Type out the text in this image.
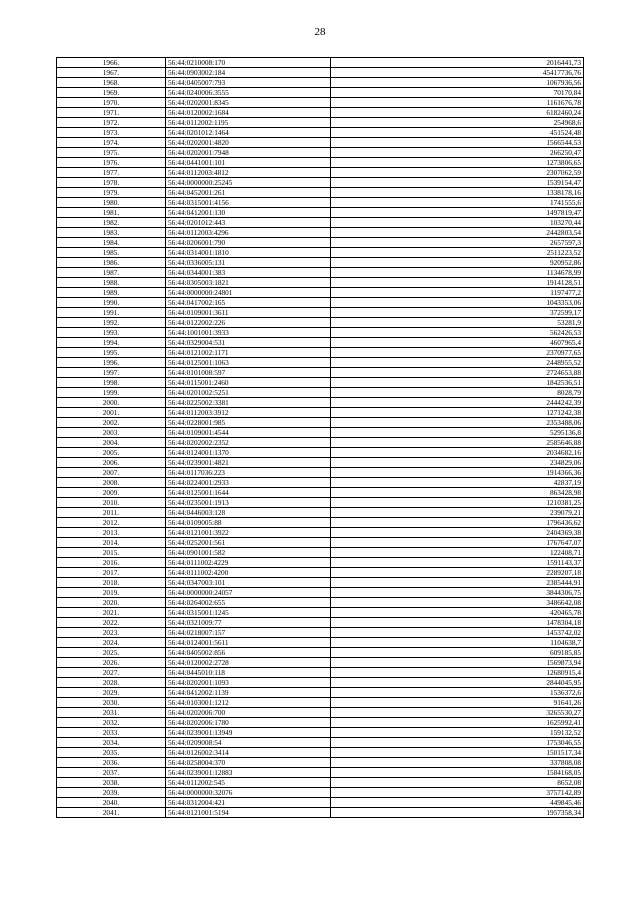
28
1966.	56:44:0210008:170	2016441,73
1967.	56:44:0903002:184	45417736,76
1968.	56:44:0405007:793	1067936,56
1969.	56:44:0240006:3555	70170,84
1970.	56:44:0202001:8345	1161676,78
1971.	56:44:0120002:1684	6182460,24
1972.	56:44:0112002:1195	254968,6
1973.	56:44:0201012:1464	451524,48
1974.	56:44:0202001:4820	1566544,53
1975.	56:44:0202001:7948	266250,47
1976.	56:44:0441001:101	1273806,65
1977.	56:44:0112003:4812	2307062,59
1978.	56:44:0000000:25245	1539154,47
1979.	56:44:0452001:261	1338178,16
1980.	56:44:0315001:4156	1741555,6
1981.	56:44:0412001:130	1497819,47
1982.	56:44:0201012:443	103270,44
1983.	56:44:0112003:4296	2442803,54
1984.	56:44:0206001:790	2657597,3
1985.	56:44:0314001:1810	2511223,52
1986.	56:44:0336005:131	920952,86
1987.	56:44:0344001:383	1134678,99
1988.	56:44:0305003:1821	1914128,51
1989.	56:44:0000000:24801	1197477,2
1990.	56:44:0417002:165	1043353,06
1991.	56:44:0109001:3611	372599,17
1992.	56:44:0122002:226	53281,9
1993.	56:44:1001001:3933	562426,53
1994.	56:44:0329004:531	4607965,4
1995.	56:44:0121002:1171	2370977,65
1996.	56:44:0125001:1063	2448955,52
1997.	56:44:0101008:597	2724653,88
1998.	56:44:0115001:2460	1842536,51
1999.	56:44:0201002:5251	8028,79
2000.	56:44:0225002:3381	2444242,39
2001.	56:44:0112003:3912	1271242,38
2002.	56:44:0228001:985	2353488,06
2003.	56:44:0109001:4544	5295136,8
2004.	56:44:0202002:2352	2585646,88
2005.	56:44:0124001:1370	2034682,16
2006.	56:44:0239001:4821	234829,06
2007.	56:44:0117036:223	1914366,36
2008.	56:44:0224001:2933	42837,19
2009.	56:44:0125001:1644	863428,98
2010.	56:44:0235001:1913	1210381,25
2011.	56:44:0446003:128	239079,21
2012.	56:44:0109005:88	1796436,62
2013.	56:44:0121001:3922	2404369,38
2014.	56:44:0252001:561	1767647,07
2015.	56:44:0901001:582	122408,71
2016.	56:44:0111002:4229	1591143,37
2017.	56:44:0111002:4200	2289207,18
2018.	56:44:0347003:101	2385444,91
2019.	56:44:0000000:24057	3844306,75
2020.	56:44:0264002:655	3486642,08
2021.	56:44:0315001:1245	420465,78
2022.	56:44:0321009:77	1478304,18
2023.	56:44:0218007:157	1453742,02
2024.	56:44:0124001:5611	1104638,7
2025.	56:44:0405002:856	609185,85
2026.	56:44:0120002:2728	1569873,94
2027.	56:44:0445010:118	12680915,4
2028.	56:44:0202001:1093	2844045,95
2029.	56:44:0412002:1139	1536372,6
2030.	56:44:0103001:1212	91641,26
2031.	56:44:0202006:700	3265530,27
2032.	56:44:0202006:1780	1625992,41
2033.	56:44:0239001:13949	159132,52
2034.	56:44:0209008:54	1753046,55
2035.	56:44:0126002:3414	1501517,34
2036.	56:44:0258004:370	337808,08
2037.	56:44:0239001:12883	1584168,05
2038.	56:44:0112002:545	8652,08
2039.	56:44:0000000:32076	3757142,89
2040.	56:44:0312004:421	449845,46
2041.	56:44:0121001:5194	1957358,34
